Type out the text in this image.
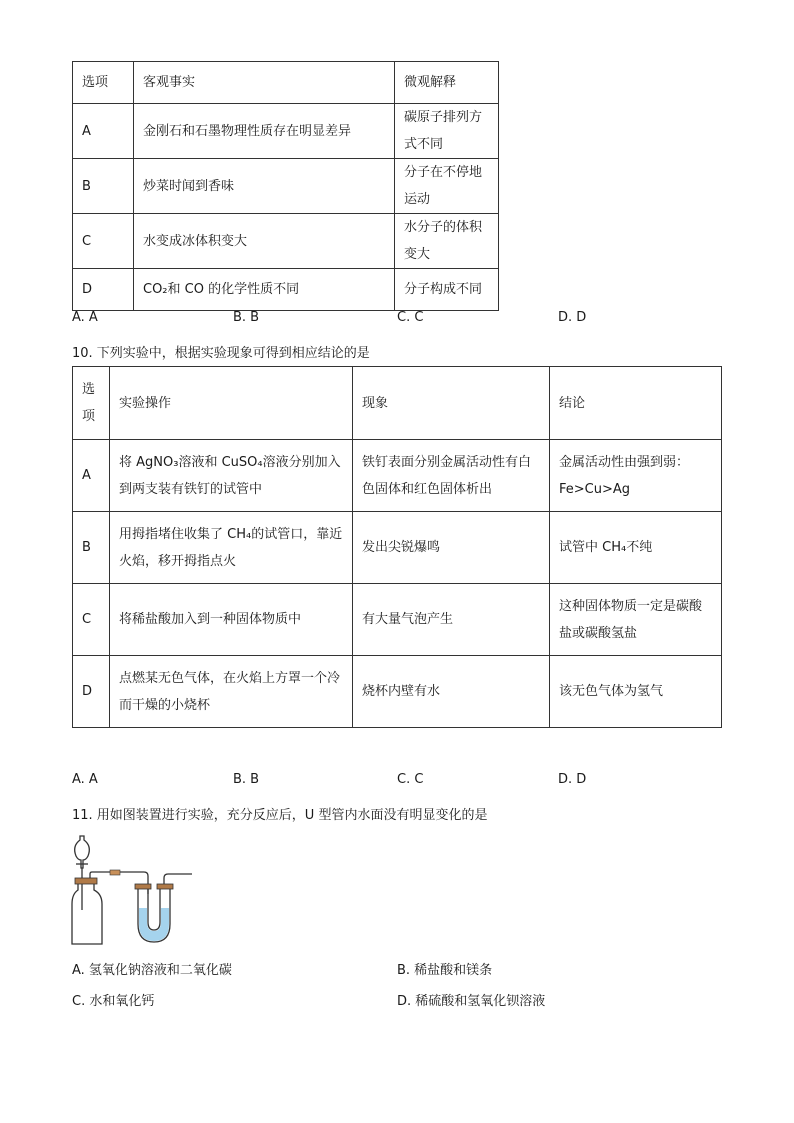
选项	客观事实	微观解释
A	金刚石和石墨物理性质存在明显差异	碳原子排列方式不同
B	炒菜时闻到香味	分子在不停地运动
C	水变成冰体积变大	水分子的体积变大
D	CO₂和 CO 的化学性质不同	分子构成不同
A. A	B. B	C. C	D. D
10. 下列实验中，根据实验现象可得到相应结论的是
选项	实验操作	现象	结论
A	将 AgNO₃溶液和 CuSO₄溶液分别加入到两支装有铁钉的试管中	铁钉表面分别金属活动性有白色固体和红色固体析出	金属活动性由强到弱：Fe>Cu>Ag
B	用拇指堵住收集了 CH₄的试管口，靠近火焰，移开拇指点火	发出尖锐爆鸣	试管中 CH₄不纯
C	将稀盐酸加入到一种固体物质中	有大量气泡产生	这种固体物质一定是碳酸盐或碳酸氢盐
D	点燃某无色气体，在火焰上方罩一个冷而干燥的小烧杯	烧杯内壁有水	该无色气体为氢气
A. A	B. B	C. C	D. D
11. 用如图装置进行实验，充分反应后，U 型管内水面没有明显变化的是
A. 氢氧化钠溶液和二氧化碳	B. 稀盐酸和镁条
C. 水和氧化钙	D. 稀硫酸和氢氧化钡溶液
